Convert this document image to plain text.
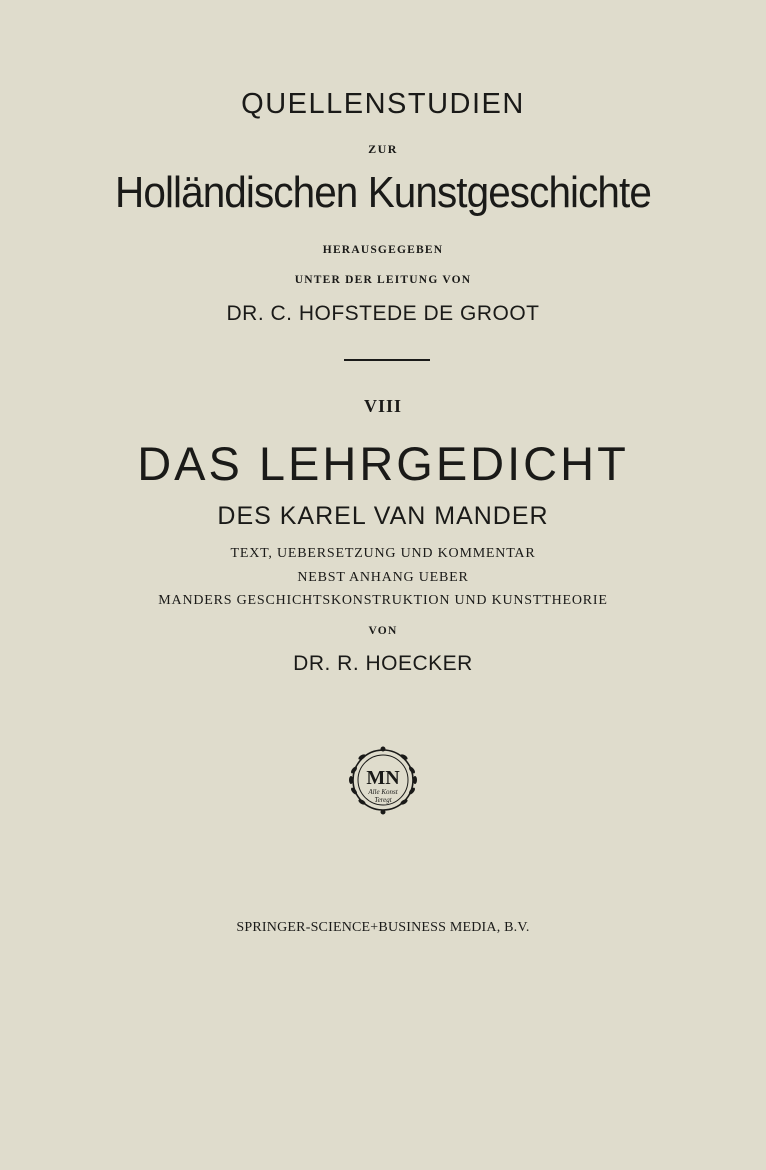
QUELLENSTUDIEN
ZUR
Holländischen Kunstgeschichte
HERAUSGEGEBEN
UNTER DER LEITUNG VON
DR. C. HOFSTEDE DE GROOT
VIII
DAS LEHRGEDICHT
DES KAREL VAN MANDER
TEXT, UEBERSETZUNG UND KOMMENTAR
NEBST ANHANG UEBER
MANDERS GESCHICHTSKONSTRUKTION UND KUNSTTHEORIE
VON
DR. R. HOECKER
MN
Alle Konst
Teregt
SPRINGER-SCIENCE+BUSINESS MEDIA, B.V.
